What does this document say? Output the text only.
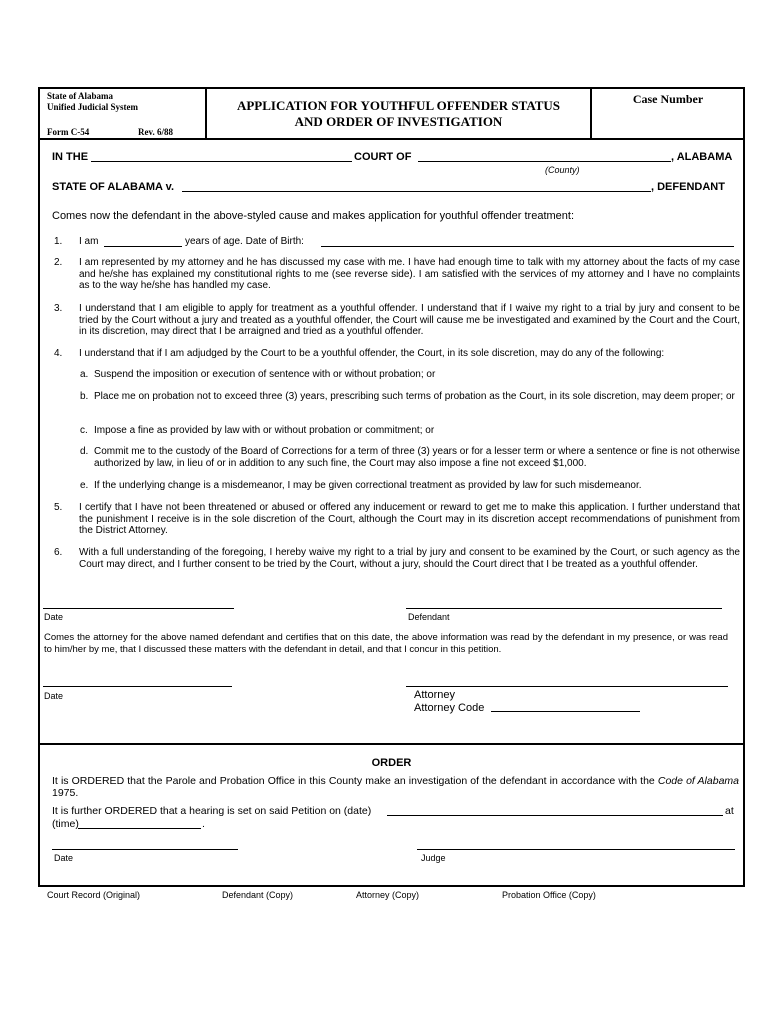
State of Alabama
Unified Judicial System
Form C-54	Rev. 6/88
APPLICATION FOR YOUTHFUL OFFENDER STATUS
AND ORDER OF INVESTIGATION
Case Number
IN THE	COURT OF	, ALABAMA
(County)
STATE OF ALABAMA v.	, DEFENDANT
Comes now the defendant in the above-styled cause and makes application for youthful offender treatment:
1. I am	years of age. Date of Birth:
2. I am represented by my attorney and he has discussed my case with me. I have had enough time to talk with my attorney about the facts of my case and he/she has explained my constitutional rights to me (see reverse side). I am satisfied with the services of my attorney and I have no complaints as to the way he/she has handled my case.
3. I understand that I am eligible to apply for treatment as a youthful offender. I understand that if I waive my right to a trial by jury and consent to be tried by the Court without a jury and treated as a youthful offender, the Court will cause me be investigated and examined by the Court and the Court, in its discretion, may direct that I be arraigned and tried as a youthful offender.
4. I understand that if I am adjudged by the Court to be a youthful offender, the Court, in its sole discretion, may do any of the following:
a. Suspend the imposition or execution of sentence with or without probation; or
b. Place me on probation not to exceed three (3) years, prescribing such terms of probation as the Court, in its sole discretion, may deem proper; or
c. Impose a fine as provided by law with or without probation or commitment; or
d. Commit me to the custody of the Board of Corrections for a term of three (3) years or for a lesser term or where a sentence or fine is not otherwise authorized by law, in lieu of or in addition to any such fine, the Court may also impose a fine not exceed $1,000.
e. If the underlying change is a misdemeanor, I may be given correctional treatment as provided by law for such misdemeanor.
5. I certify that I have not been threatened or abused or offered any inducement or reward to get me to make this application. I further understand that the punishment I receive is in the sole discretion of the Court, although the Court may in its discretion accept recommendations of punishment from the District Attorney.
6. With a full understanding of the foregoing, I hereby waive my right to a trial by jury and consent to be examined by the Court, or such agency as the Court may direct, and I further consent to be tried by the Court, without a jury, should the Court direct that I be treated as a youthful offender.
Date	Defendant
Comes the attorney for the above named defendant and certifies that on this date, the above information was read by the defendant in my presence, or was read to him/her by me, that I discussed these matters with the defendant in detail, and that I concur in this petition.
Date	Attorney
Attorney Code
ORDER
It is ORDERED that the Parole and Probation Office in this County make an investigation of the defendant in accordance with the Code of Alabama 1975.
It is further ORDERED that a hearing is set on said Petition on (date)	at
(time)	.
Date	Judge
Court Record (Original)	Defendant (Copy)	Attorney (Copy)	Probation Office (Copy)
